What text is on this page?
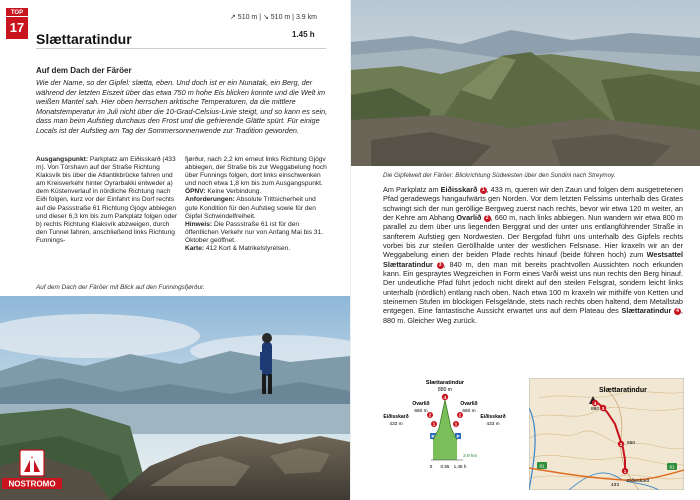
TOP
17
↗ 510 m | ↘ 510 m | 3.9 km
Slættaratindur	1.45 h
Auf dem Dach der Färöer

Wie der Name, so der Gipfel: slætta, eben. Und doch ist er ein Nunatak, ein Berg, der während der letzten Eiszeit über das etwa 750 m hohe Eis blicken konnte und die Welt im weißen Mantel sah. Hier oben herrschen arktische Temperaturen, da die mittlere Monatstemperatur im Juli nicht über die 10-Grad-Celsius-Linie steigt, und so kann es sein, dass man beim Aufstieg durchaus den Frost und die gefrierende Glätte spürt. Für einige Locals ist der Aufstieg am Tag der Sommersonnenwende zur Tradition geworden.

Ausgangspunkt: Parkplatz am Eiðisskarð (433 m). Von Tórshavn auf der Straße Richtung Klaksvík bis über die Atlantikbrücke fahren und am Kreisverkehr hinter Oyrarbakki entweder a) dem Küstenverlauf in nördliche Richtung nach Eiði folgen, kurz vor der Einfahrt ins Dorf rechts auf die Passstraße 61 Richtung Gjógv abbiegen und dieser 6,3 km bis zum Parkplatz folgen oder b) rechts Richtung Klaksvík abzweigen, durch den Tunnel fahren, anschließend links Richtung Funnings-

fjørður, nach 2,2 km erneut links Richtung Gjógv abbiegen, der Straße bis zur Weggabelung hoch über Funnings folgen, dort links einschwenken und noch etwa 1,8 km bis zum Ausgangspunkt.

ÖPNV: Keine Verbindung.

Anforderungen: Absolute Trittsicherheit und gute Kondition für den Aufstieg sowie für den Gipfel Schwindelfreiheit.

Hinweis: Die Passstraße 61 ist für den öffentlichen Verkehr nur von Anfang Mai bis 31. Oktober geöffnet.

Karte: 412 Kort & Matrikelstyrelsen.

Auf dem Dach der Färöer mit Blick auf den Funningsfjørður.
NOSTROMO
Die Gipfelwelt der Färöer: Blickrichtung Südwesten über den Sundini nach Streymoy.

Am Parkplatz am Eiðisskarð 1 , 433 m, queren wir den Zaun und folgen dem ausgetretenen Pfad geradewegs hangaufwärts gen Norden. Vor dem letzten Felssims unterhalb des Grates schwingt sich der nun geröllige Bergweg zuerst nach rechts, bevor wir etwa 120 m weiter, an der Kehre am Abhang Ovarlið 2 , 660 m, nach links abbiegen. Nun wandern wir etwa 800 m parallel zu dem über uns liegenden Berggrat und der unter uns entlangführender Straße in sanfterem Aufstieg gen Nordwesten. Der Bergpfad führt uns unterhalb des Gipfels rechts vorbei bis zur steilen Geröllhalde unter der westlichen Felsnase. Hier kraxeln wir an der Weggabelung einen der beiden Pfade rechts hinauf (beide führen hoch) zum Westsattel Slættaratindur 3 , 840 m, den man mit bereits prachtvollen Aussichten noch erkunden kann. Ein gespraytes Wegzeichen in Form eines Varði weist uns nun rechts den Berg hinauf. Der undeutliche Pfad führt jedoch nicht direkt auf den steilen Felsgrat, sondern leicht links unterhalb (nördlich) entlang nach oben. Nach etwa 100 m kraxeln wir mithilfe von Ketten und steinernen Stufen im blockigen Felsgelände, stets nach rechts oben haltend, dem Metallstab entgegen. Eine fantastische Aussicht erwartet uns auf dem Plateau des Slættaratindur 4 , 880 m. Gleicher Weg zurück.

Slættaratindur
880 m
4
Ovarlið
660 m
Ovarlið
660 m
Eiðisskarð
433 m
Eiðisskarð
433 m
2	2
1	1
P	P
3.9 km
0 0.55 1.45 h	61	61
Slættaratindur
880
660
Eiðisskarð
433
4
3
2
1
